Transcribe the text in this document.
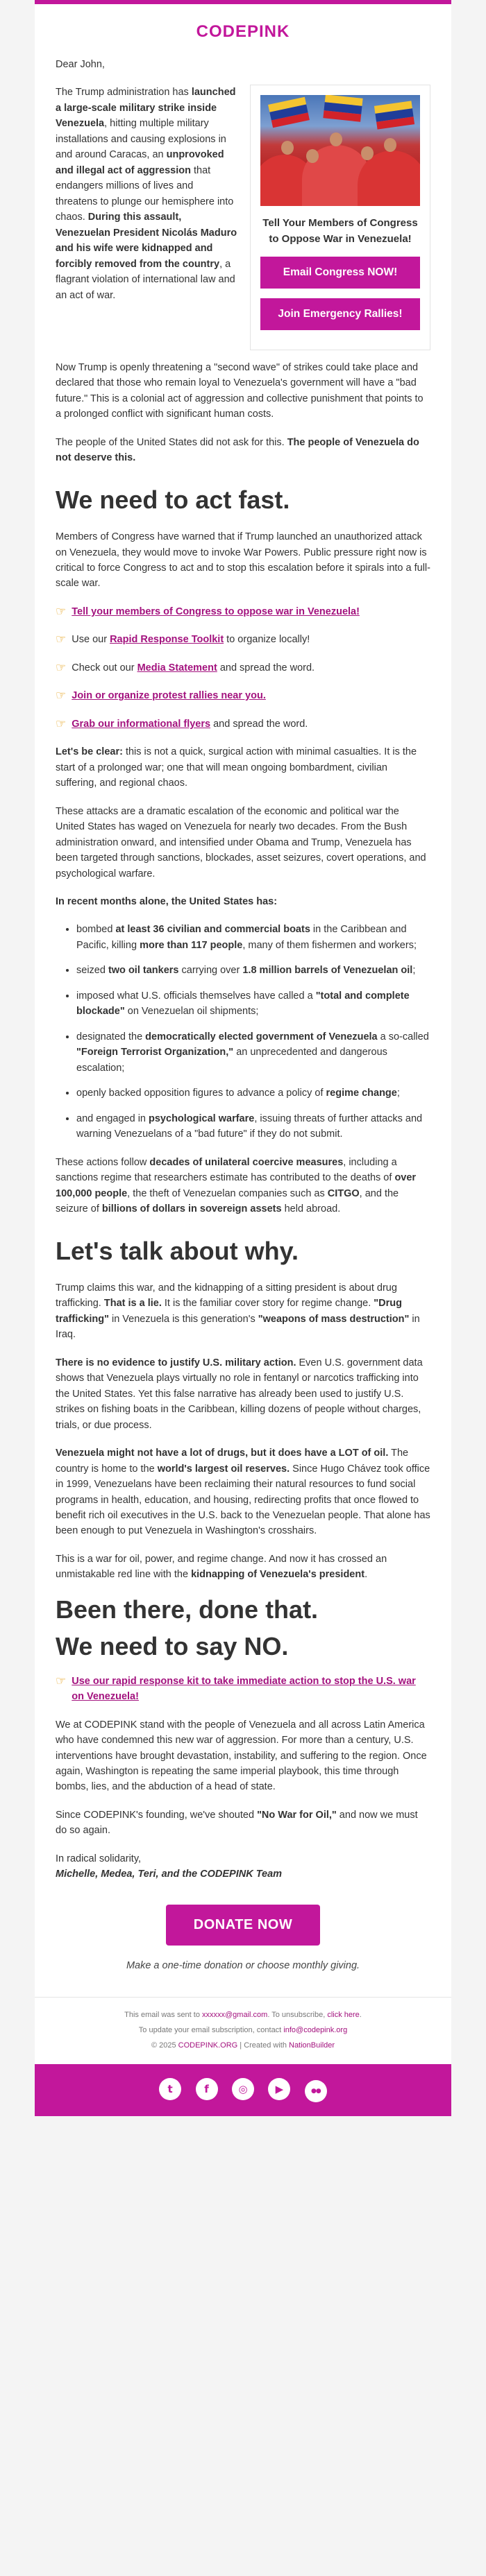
CODEPINK

Dear John,

Tell Your Members of Congress to Oppose War in Venezuela!
Email Congress NOW!
Join Emergency Rallies!

The Trump administration has launched a large-scale military strike inside Venezuela, hitting multiple military installations and causing explosions in and around Caracas, an unprovoked and illegal act of aggression that endangers millions of lives and threatens to plunge our hemisphere into chaos. During this assault, Venezuelan President Nicolás Maduro and his wife were kidnapped and forcibly removed from the country, a flagrant violation of international law and an act of war.

Now Trump is openly threatening a "second wave" of strikes could take place and declared that those who remain loyal to Venezuela's government will have a "bad future." This is a colonial act of aggression and collective punishment that points to a prolonged conflict with significant human costs.

The people of the United States did not ask for this. The people of Venezuela do not deserve this.

We need to act fast.

Members of Congress have warned that if Trump launched an unauthorized attack on Venezuela, they would move to invoke War Powers. Public pressure right now is critical to force Congress to act and to stop this escalation before it spirals into a full-scale war.

☞ Tell your members of Congress to oppose war in Venezuela!
☞ Use our Rapid Response Toolkit to organize locally!
☞ Check out our Media Statement and spread the word.
☞ Join or organize protest rallies near you.
☞ Grab our informational flyers and spread the word.

Let's be clear: this is not a quick, surgical action with minimal casualties. It is the start of a prolonged war; one that will mean ongoing bombardment, civilian suffering, and regional chaos.

These attacks are a dramatic escalation of the economic and political war the United States has waged on Venezuela for nearly two decades. From the Bush administration onward, and intensified under Obama and Trump, Venezuela has been targeted through sanctions, blockades, asset seizures, covert operations, and psychological warfare.

In recent months alone, the United States has:

• bombed at least 36 civilian and commercial boats in the Caribbean and Pacific, killing more than 117 people, many of them fishermen and workers;
• seized two oil tankers carrying over 1.8 million barrels of Venezuelan oil;
• imposed what U.S. officials themselves have called a "total and complete blockade" on Venezuelan oil shipments;
• designated the democratically elected government of Venezuela a so-called "Foreign Terrorist Organization," an unprecedented and dangerous escalation;
• openly backed opposition figures to advance a policy of regime change;
• and engaged in psychological warfare, issuing threats of further attacks and warning Venezuelans of a "bad future" if they do not submit.

These actions follow decades of unilateral coercive measures, including a sanctions regime that researchers estimate has contributed to the deaths of over 100,000 people, the theft of Venezuelan companies such as CITGO, and the seizure of billions of dollars in sovereign assets held abroad.

Let's talk about why.

Trump claims this war, and the kidnapping of a sitting president is about drug trafficking. That is a lie. It is the familiar cover story for regime change. "Drug trafficking" in Venezuela is this generation's "weapons of mass destruction" in Iraq.

There is no evidence to justify U.S. military action. Even U.S. government data shows that Venezuela plays virtually no role in fentanyl or narcotics trafficking into the United States. Yet this false narrative has already been used to justify U.S. strikes on fishing boats in the Caribbean, killing dozens of people without charges, trials, or due process.

Venezuela might not have a lot of drugs, but it does have a LOT of oil. The country is home to the world's largest oil reserves. Since Hugo Chávez took office in 1999, Venezuelans have been reclaiming their natural resources to fund social programs in health, education, and housing, redirecting profits that once flowed to benefit rich oil executives in the U.S. back to the Venezuelan people. That alone has been enough to put Venezuela in Washington's crosshairs.

This is a war for oil, power, and regime change. And now it has crossed an unmistakable red line with the kidnapping of Venezuela's president.

Been there, done that.
We need to say NO.
☞ Use our rapid response kit to take immediate action to stop the U.S. war on Venezuela!

We at CODEPINK stand with the people of Venezuela and all across Latin America who have condemned this new war of aggression. For more than a century, U.S. interventions have brought devastation, instability, and suffering to the region. Once again, Washington is repeating the same imperial playbook, this time through bombs, lies, and the abduction of a head of state.

Since CODEPINK's founding, we've shouted "No War for Oil," and now we must do so again.

In radical solidarity,
Michelle, Medea, Teri, and the CODEPINK Team

DONATE NOW
Make a one-time donation or choose monthly giving.
This email was sent to xxxxxx@gmail.com. To unsubscribe, click here.
To update your email subscription, contact info@codepink.org
© 2025 CODEPINK.ORG | Created with NationBuilder
t	f	◎	▶	●●
